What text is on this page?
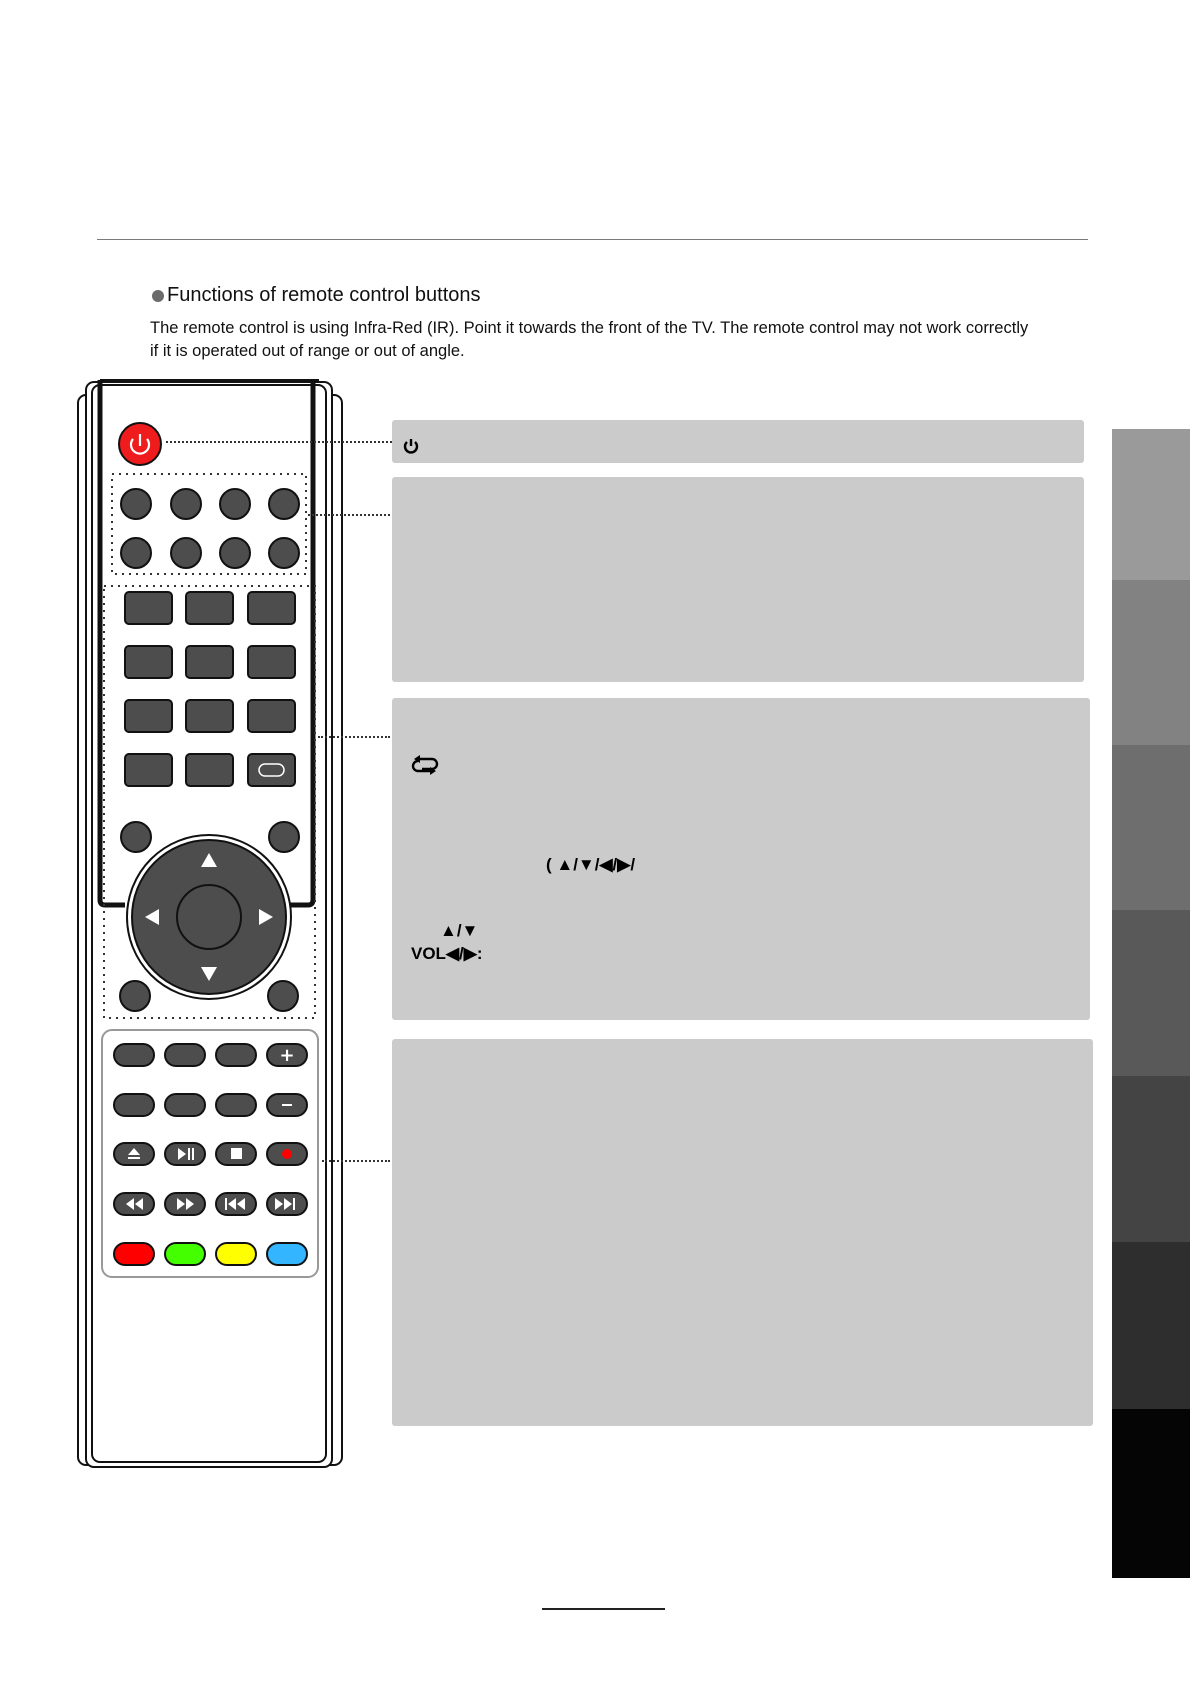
Functions of remote control buttons
The remote control is using Infra-Red (IR). Point it towards the front of the TV. The remote control may not work correctly if it is operated out of range or out of angle.
+
( ▲/▼/◀/▶/
▲/▼
VOL◀/▶:
